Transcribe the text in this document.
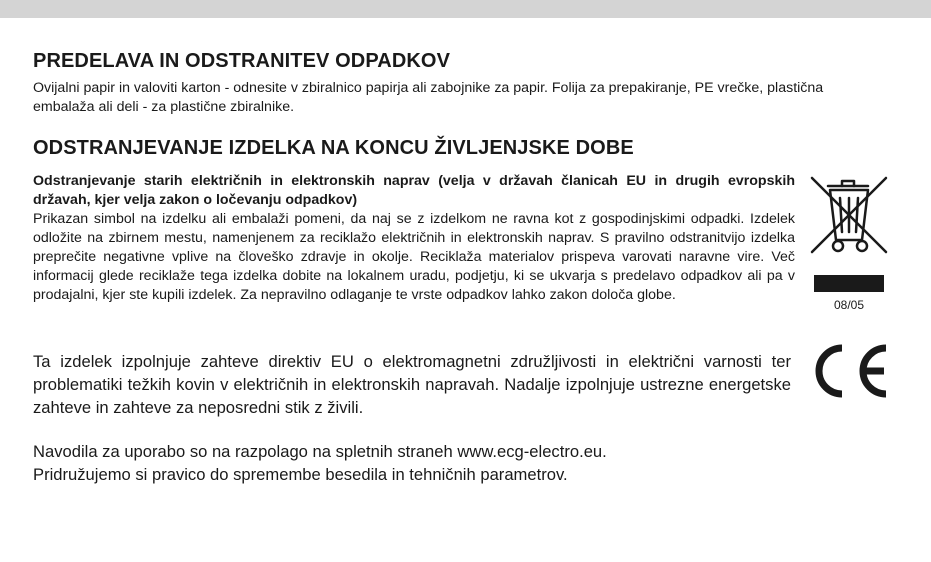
PREDELAVA IN ODSTRANITEV ODPADKOV

Ovijalni papir in valoviti karton - odnesite v zbiralnico papirja ali zabojnike za papir. Folija za prepakiranje, PE vrečke, plastična

embalaža ali deli - za plastične zbiralnike.

ODSTRANJEVANJE IZDELKA NA KONCU ŽIVLJENJSKE DOBE

Odstranjevanje starih električnih in elektronskih naprav (velja v državah članicah EU in drugih evropskih državah, kjer velja zakon o ločevanju odpadkov)

Prikazan simbol na izdelku ali embalaži pomeni, da naj se z izdelkom ne ravna kot z gospodinjskimi odpadki. Izdelek odložite na zbirnem mestu, namenjenem za reciklažo električnih in elektronskih naprav. S pravilno odstranitvijo izdelka preprečite negativne vplive na človeško zdravje in okolje. Reciklaža materialov prispeva varovati naravne vire. Več informacij glede reciklaže tega izdelka dobite na lokalnem uradu, podjetju, ki se ukvarja s predelavo odpadkov ali pa v prodajalni, kjer ste kupili izdelek. Za nepravilno odlaganje te vrste odpadkov lahko zakon določa globe.

08/05

Ta izdelek izpolnjuje zahteve direktiv EU o elektromagnetni združljivosti in električni varnosti ter problematiki težkih kovin v električnih in elektronskih napravah. Nadalje izpolnjuje ustrezne energetske zahteve in zahteve za neposredni stik z živili.

Navodila za uporabo so na razpolago na spletnih straneh www.ecg-electro.eu.

Pridružujemo si pravico do spremembe besedila in tehničnih parametrov.
